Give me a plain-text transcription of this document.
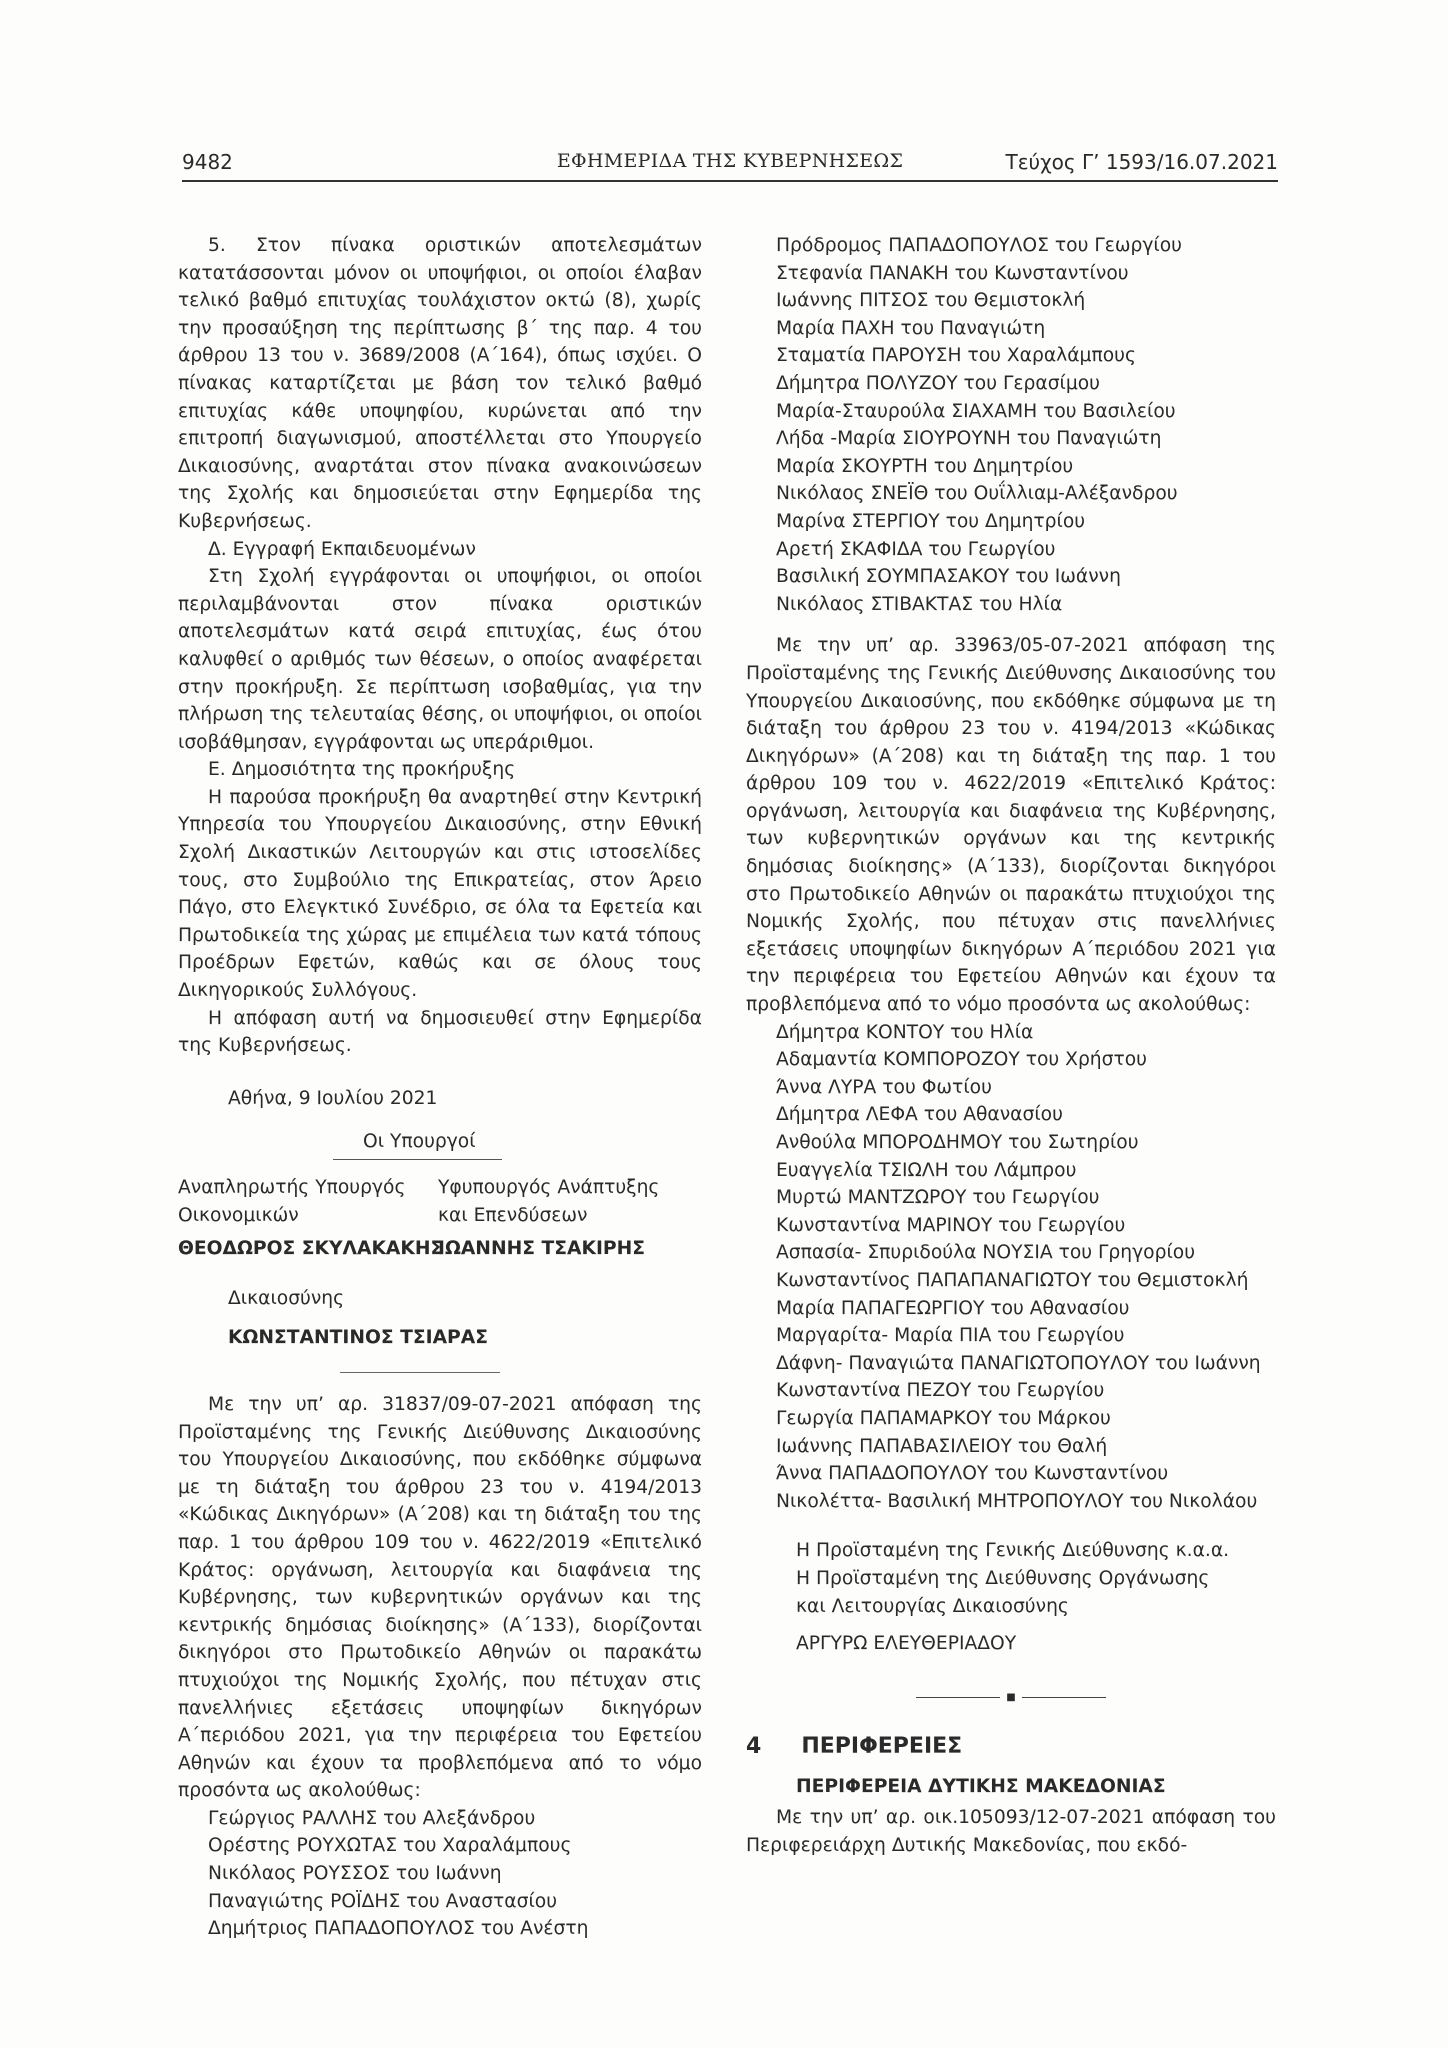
9482	ΕΦΗΜΕΡΙΔΑ ΤΗΣ ΚΥΒΕΡΝΗΣΕΩΣ	Τεύχος Γ’ 1593/16.07.2021

5. Στον πίνακα οριστικών αποτελεσμάτων κατατάσσονται μόνον οι υποψήφιοι, οι οποίοι έλαβαν τελικό βαθμό επιτυχίας τουλάχιστον οκτώ (8), χωρίς την προσαύξηση της περίπτωσης β΄ της παρ. 4 του άρθρου 13 του ν. 3689/2008 (Α΄164), όπως ισχύει. Ο πίνακας καταρτίζεται με βάση τον τελικό βαθμό επιτυχίας κάθε υποψηφίου, κυρώνεται από την επιτροπή διαγωνισμού, αποστέλλεται στο Υπουργείο Δικαιοσύνης, αναρτάται στον πίνακα ανακοινώσεων της Σχολής και δημοσιεύεται στην Εφημερίδα της Κυβερνήσεως.

Δ. Εγγραφή Εκπαιδευομένων

Στη Σχολή εγγράφονται οι υποψήφιοι, οι οποίοι περιλαμβάνονται στον πίνακα οριστικών αποτελεσμάτων κατά σειρά επιτυχίας, έως ότου καλυφθεί ο αριθμός των θέσεων, ο οποίος αναφέρεται στην προκήρυξη. Σε περίπτωση ισοβαθμίας, για την πλήρωση της τελευταίας θέσης, οι υποψήφιοι, οι οποίοι ισοβάθμησαν, εγγράφονται ως υπεράριθμοι.

Ε. Δημοσιότητα της προκήρυξης

Η παρούσα προκήρυξη θα αναρτηθεί στην Κεντρική Υπηρεσία του Υπουργείου Δικαιοσύνης, στην Εθνική Σχολή Δικαστικών Λειτουργών και στις ιστοσελίδες τους, στο Συμβούλιο της Επικρατείας, στον Άρειο Πάγο, στο Ελεγκτικό Συνέδριο, σε όλα τα Εφετεία και Πρωτοδικεία της χώρας με επιμέλεια των κατά τόπους Προέδρων Εφετών, καθώς και σε όλους τους Δικηγορικούς Συλλόγους.

Η απόφαση αυτή να δημοσιευθεί στην Εφημερίδα της Κυβερνήσεως.

Αθήνα, 9 Ιουλίου 2021

Οι Υπουργοί
Αναπληρωτής Υπουργός	Υφυπουργός Ανάπτυξης
Οικονομικών	και Επενδύσεων
ΘΕΟΔΩΡΟΣ ΣΚΥΛΑΚΑΚΗΣ
ΙΩΑΝΝΗΣ ΤΣΑΚΙΡΗΣ

Δικαιοσύνης

ΚΩΝΣΤΑΝΤΙΝΟΣ ΤΣΙΑΡΑΣ

Με την υπ’ αρ. 31837/09-07-2021 απόφαση της Προϊσταμένης της Γενικής Διεύθυνσης Δικαιοσύνης του Υπουργείου Δικαιοσύνης, που εκδόθηκε σύμφωνα με τη διάταξη του άρθρου 23 του ν. 4194/2013 «Κώδικας Δικηγόρων» (Α΄208) και τη διάταξη του της παρ. 1 του άρθρου 109 του ν. 4622/2019 «Επιτελικό Κράτος: οργάνωση, λειτουργία και διαφάνεια της Κυβέρνησης, των κυβερνητικών οργάνων και της κεντρικής δημόσιας διοίκησης» (Α΄133), διορίζονται δικηγόροι στο Πρωτοδικείο Αθηνών οι παρακάτω πτυχιούχοι της Νομικής Σχολής, που πέτυχαν στις πανελλήνιες εξετάσεις υποψηφίων δικηγόρων Α΄περιόδου 2021, για την περιφέρεια του Εφετείου Αθηνών και έχουν τα προβλεπόμενα από το νόμο προσόντα ως ακολούθως:

Γεώργιος ΡΑΛΛΗΣ του Αλεξάνδρου

Ορέστης ΡΟΥΧΩΤΑΣ του Χαραλάμπους

Νικόλαος ΡΟΥΣΣΟΣ του Ιωάννη

Παναγιώτης ΡΟΪΔΗΣ του Αναστασίου

Δημήτριος ΠΑΠΑΔΟΠΟΥΛΟΣ του Ανέστη

Πρόδρομος ΠΑΠΑΔΟΠΟΥΛΟΣ του Γεωργίου

Στεφανία ΠΑΝΑΚΗ του Κωνσταντίνου

Ιωάννης ΠΙΤΣΟΣ του Θεμιστοκλή

Μαρία ΠΑΧΗ του Παναγιώτη

Σταματία ΠΑΡΟΥΣΗ του Χαραλάμπους

Δήμητρα ΠΟΛΥΖΟΥ του Γερασίμου

Μαρία-Σταυρούλα ΣΙΑΧΑΜΗ του Βασιλείου

Λήδα -Μαρία ΣΙΟΥΡΟΥΝΗ του Παναγιώτη

Μαρία ΣΚΟΥΡΤΗ του Δημητρίου

Νικόλαος ΣΝΕΪΘ του Ουΐλλιαμ-Αλέξανδρου

Μαρίνα ΣΤΕΡΓΙΟΥ του Δημητρίου

Αρετή ΣΚΑΦΙΔΑ του Γεωργίου

Βασιλική ΣΟΥΜΠΑΣΑΚΟΥ του Ιωάννη

Νικόλαος ΣΤΙΒΑΚΤΑΣ του Ηλία

Με την υπ’ αρ. 33963/05-07-2021 απόφαση της Προϊσταμένης της Γενικής Διεύθυνσης Δικαιοσύνης του Υπουργείου Δικαιοσύνης, που εκδόθηκε σύμφωνα με τη διάταξη του άρθρου 23 του ν. 4194/2013 «Κώδικας Δικηγόρων» (Α΄208) και τη διάταξη της παρ. 1 του άρθρου 109 του ν. 4622/2019 «Επιτελικό Κράτος: οργάνωση, λειτουργία και διαφάνεια της Κυβέρνησης, των κυβερνητικών οργάνων και της κεντρικής δημόσιας διοίκησης» (Α΄133), διορίζονται δικηγόροι στο Πρωτοδικείο Αθηνών οι παρακάτω πτυχιούχοι της Νομικής Σχολής, που πέτυχαν στις πανελλήνιες εξετάσεις υποψηφίων δικηγόρων Α΄περιόδου 2021 για την περιφέρεια του Εφετείου Αθηνών και έχουν τα προβλεπόμενα από το νόμο προσόντα ως ακολούθως:

Δήμητρα ΚΟΝΤΟΥ του Ηλία

Αδαμαντία ΚΟΜΠΟΡΟΖΟΥ του Χρήστου

Άννα ΛΥΡΑ του Φωτίου

Δήμητρα ΛΕΦΑ του Αθανασίου

Ανθούλα ΜΠΟΡΟΔΗΜΟΥ του Σωτηρίου

Ευαγγελία ΤΣΙΩΛΗ του Λάμπρου

Μυρτώ ΜΑΝΤΖΩΡΟΥ του Γεωργίου

Κωνσταντίνα ΜΑΡΙΝΟΥ του Γεωργίου

Ασπασία- Σπυριδούλα ΝΟΥΣΙΑ του Γρηγορίου

Κωνσταντίνος ΠΑΠΑΠΑΝΑΓΙΩΤΟΥ του Θεμιστοκλή

Μαρία ΠΑΠΑΓΕΩΡΓΙΟΥ του Αθανασίου

Μαργαρίτα- Μαρία ΠΙΑ του Γεωργίου

Δάφνη- Παναγιώτα ΠΑΝΑΓΙΩΤΟΠΟΥΛΟΥ του Ιωάννη

Κωνσταντίνα ΠΕΖΟΥ του Γεωργίου

Γεωργία ΠΑΠΑΜΑΡΚΟΥ του Μάρκου

Ιωάννης ΠΑΠΑΒΑΣΙΛΕΙΟΥ του Θαλή

Άννα ΠΑΠΑΔΟΠΟΥΛΟΥ του Κωνσταντίνου

Νικολέττα- Βασιλική ΜΗΤΡΟΠΟΥΛΟΥ του Νικολάου

Η Προϊσταμένη της Γενικής Διεύθυνσης κ.α.α.

Η Προϊσταμένη της Διεύθυνσης Οργάνωσης

και Λειτουργίας Δικαιοσύνης

ΑΡΓΥΡΩ ΕΛΕΥΘΕΡΙΑΔΟΥ

■
4 ΠΕΡΙΦΕΡΕΙΕΣ

ΠΕΡΙΦΕΡΕΙΑ ΔΥΤΙΚΗΣ ΜΑΚΕΔΟΝΙΑΣ

Με την υπ’ αρ. οικ.105093/12-07-2021 απόφαση του Περιφερειάρχη Δυτικής Μακεδονίας, που εκδό-
